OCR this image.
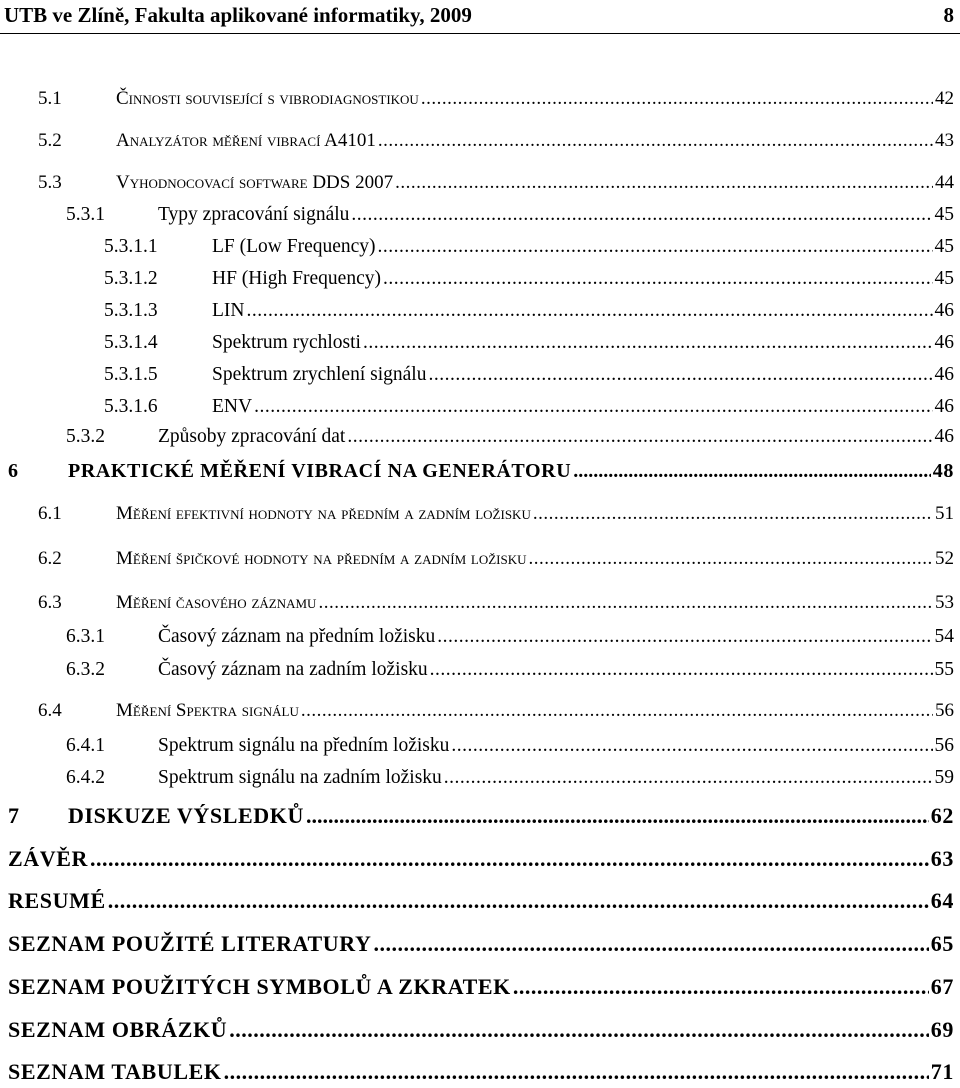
UTB ve Zlíně, Fakulta aplikované informatiky, 2009	8
5.1	Činnosti související s vibrodiagnostikou .....	42
5.2	Analyzátor měření vibrací A4101 .....	43
5.3	Vyhodnocovací software DDS 2007 .....	44
5.3.1	Typy zpracování signálu .....	45
5.3.1.1	LF (Low Frequency) .....	45
5.3.1.2	HF (High Frequency) .....	45
5.3.1.3	LIN .....	46
5.3.1.4	Spektrum rychlosti .....	46
5.3.1.5	Spektrum zrychlení signálu .....	46
5.3.1.6	ENV .....	46
5.3.2	Způsoby zpracování dat .....	46
6	PRAKTICKÉ MĚŘENÍ VIBRACÍ NA GENERÁTORU .....	48
6.1	Měření efektivní hodnoty na předním a zadním ložisku .....	51
6.2	Měření špičkové hodnoty na předním a zadním ložisku .....	52
6.3	Měření časového záznamu .....	53
6.3.1	Časový záznam na předním ložisku .....	54
6.3.2	Časový záznam na zadním ložisku .....	55
6.4	Měření Spektra signálu .....	56
6.4.1	Spektrum signálu na předním ložisku .....	56
6.4.2	Spektrum signálu na zadním ložisku .....	59
7	DISKUZE VÝSLEDKŮ .....	62
ZÁVĚR .....	63
RESUMÉ .....	64
SEZNAM POUŽITÉ LITERATURY .....	65
SEZNAM POUŽITÝCH SYMBOLŮ A ZKRATEK .....	67
SEZNAM OBRÁZKŮ .....	69
SEZNAM TABULEK .....	71
